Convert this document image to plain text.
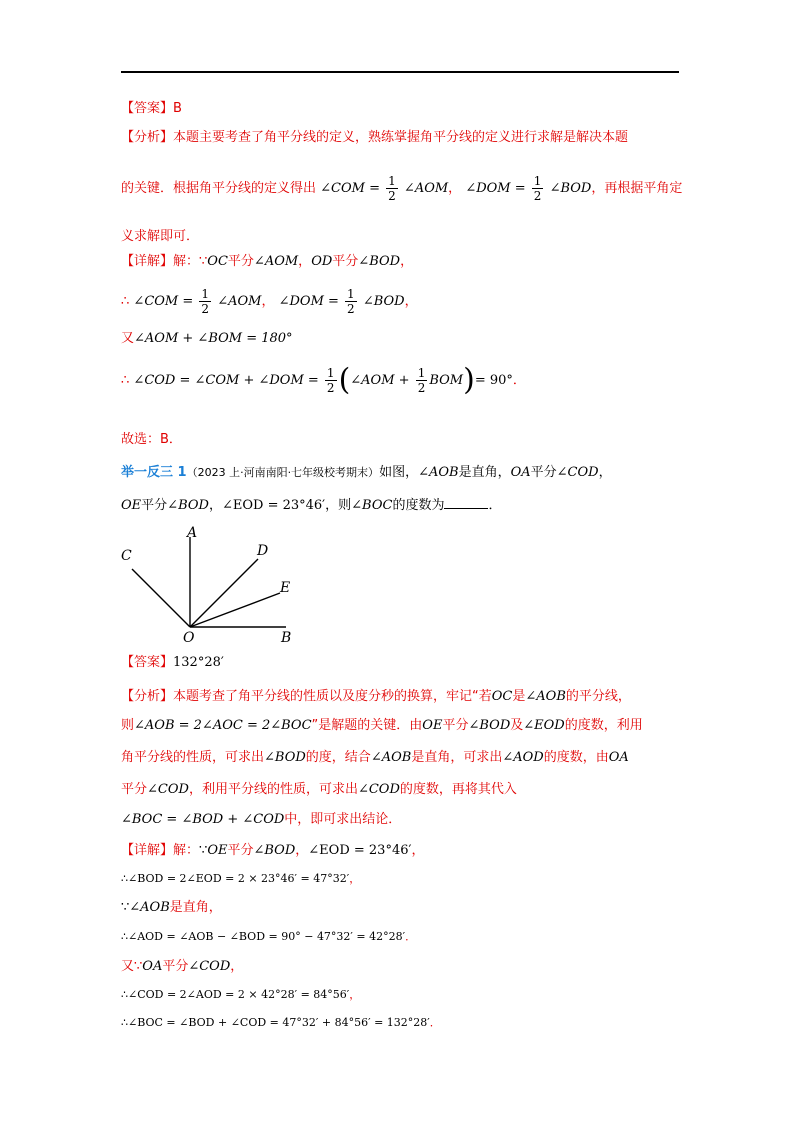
【答案】B
【分析】本题主要考查了角平分线的定义，熟练掌握角平分线的定义进行求解是解决本题
的关键．根据角平分线的定义得出 ∠COM = $\frac{1}{2}$ ∠AOM， ∠DOM = $\frac{1}{2}$ ∠BOD，再根据平角定
义求解即可．
【详解】解：∵OC平分∠AOM，OD平分∠BOD，
∴ ∠COM = $\frac{1}{2}$ ∠AOM， ∠DOM = $\frac{1}{2}$ ∠BOD，
又∠AOM + ∠BOM = 180°
∴ ∠COD = ∠COM + ∠DOM = $\frac{1}{2}$ (∠AOM + $\frac{1}{2} BOM)= 90^\circ$．
故选：B．
举一反三 1（2023 上·河南南阳·七年级校考期末）如图，∠AOB是直角，OA平分∠COD，
OE平分∠BOD，∠EOD = 23°46′，则∠BOC的度数为	．
A
C	D
E
O	B
【答案】132°28′
【分析】本题考查了角平分线的性质以及度分秒的换算，牢记“若OC是∠AOB的平分线，
则∠AOB = 2∠AOC = 2∠BOC”是解题的关键．由OE平分∠BOD及∠EOD的度数，利用
角平分线的性质，可求出∠BOD的度，结合∠AOB是直角，可求出∠AOD的度数，由OA
平分∠COD，利用平分线的性质，可求出∠COD的度数，再将其代入
∠BOC = ∠BOD + ∠COD中，即可求出结论．
【详解】解：∵OE平分∠BOD，∠EOD = 23°46′，
∴∠BOD = 2∠EOD = 2 × 23°46′ = 47°32′，
∵∠AOB是直角，
∴∠AOD = ∠AOB − ∠BOD = 90° − 47°32′ = 42°28′．
又∵OA平分∠COD，
∴∠COD = 2∠AOD = 2 × 42°28′ = 84°56′，
∴∠BOC = ∠BOD + ∠COD = 47°32′ + 84°56′ = 132°28′．
